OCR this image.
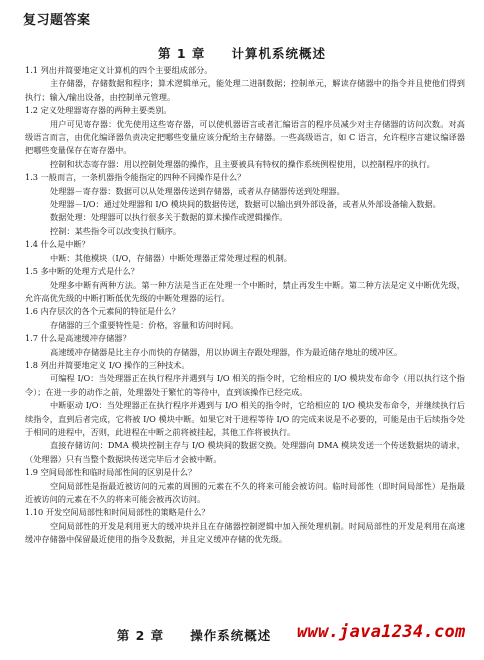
复习题答案
第 1 章 计算机系统概述

1.1 列出并简要地定义计算机的四个主要组成部分。

主存储器，存储数据和程序；算术逻辑单元，能处理二进制数据；控制单元，解读存储器中的指令并且使他们得到执行；输入/输出设备，由控制单元管理。

1.2 定义处理器寄存器的两种主要类别。

用户可见寄存器：优先使用这些寄存器，可以使机器语言或者汇编语言的程序员减少对主存储器的访问次数。对高级语言而言，由优化编译器负责决定把哪些变量应该分配给主存储器。一些高级语言，如 C 语言，允许程序言建议编译器把哪些变量保存在寄存器中。

控制和状态寄存器：用以控制处理器的操作，且主要被具有特权的操作系统例程使用，以控制程序的执行。

1.3 一般而言，一条机器指令能指定的四种不同操作是什么？

处理器－寄存器：数据可以从处理器传送到存储器，或者从存储器传送到处理器。

处理器－I/O：通过处理器和 I/O 模块间的数据传送，数据可以输出到外部设备，或者从外部设备输入数据。

数据处理：处理器可以执行很多关于数据的算术操作或逻辑操作。

控制：某些指令可以改变执行顺序。

1.4 什么是中断？

中断：其他模块（I/O，存储器）中断处理器正常处理过程的机制。

1.5 多中断的处理方式是什么？

处理多中断有两种方法。第一种方法是当正在处理一个中断时，禁止再发生中断。第二种方法是定义中断优先级，允许高优先级的中断打断低优先级的中断处理器的运行。

1.6 内存层次的各个元素间的特征是什么？

存储器的三个重要特性是：价格，容量和访问时间。

1.7 什么是高速缓冲存储器？

高速缓冲存储器是比主存小而快的存储器，用以协调主存跟处理器，作为最近储存地址的缓冲区。

1.8 列出并简要地定义 I/O 操作的三种技术。

可编程 I/O：当处理器正在执行程序并遇到与 I/O 相关的指令时，它给相应的 I/O 模块发布命令（用以执行这个指令）；在进一步的动作之前，处理器处于繁忙的等待中，直到该操作已经完成。

中断驱动 I/O：当处理器正在执行程序并遇到与 I/O 相关的指令时，它给相应的 I/O 模块发布命令，并继续执行后续指令，直到后者完成，它将被 I/O 模块中断。如果它对于进程等待 I/O 的完成来说是不必要的，可能是由于后续指令处于相同的进程中，否则，此进程在中断之前将被挂起，其他工作将被执行。

直接存储访问：DMA 模块控制主存与 I/O 模块间的数据交换。处理器向 DMA 模块发送一个传送数据块的请求，（处理器）只有当整个数据块传送完毕后才会被中断。

1.9 空间局部性和临时局部性间的区别是什么？

空间局部性是指最近被访问的元素的周围的元素在不久的将来可能会被访问。临时局部性（即时间局部性）是指最近被访问的元素在不久的将来可能会被再次访问。

1.10 开发空间局部性和时间局部性的策略是什么？

空间局部性的开发是利用更大的缓冲块并且在存储器控制逻辑中加入预处理机制。时间局部性的开发是利用在高速缓冲存储器中保留最近使用的指令及数据，并且定义缓冲存储的优先级。

第 2 章 操作系统概述	www.java1234.com
